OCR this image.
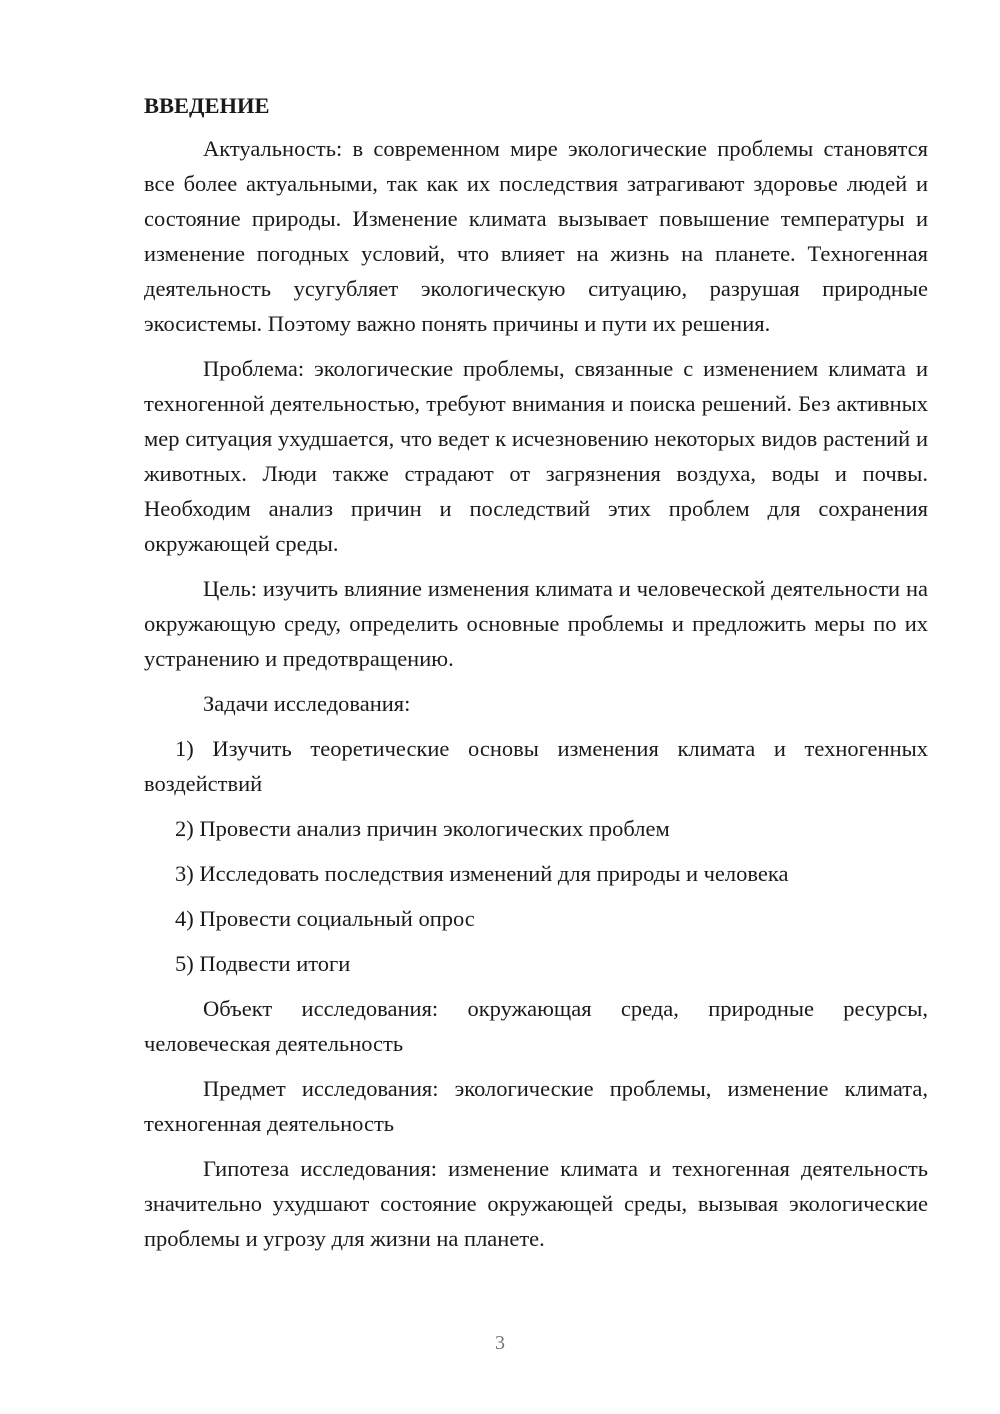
ВВЕДЕНИЕ

Актуальность: в современном мире экологические проблемы становятся все более актуальными, так как их последствия затрагивают здоровье людей и состояние природы. Изменение климата вызывает повышение температуры и изменение погодных условий, что влияет на жизнь на планете. Техногенная деятельность усугубляет экологическую ситуацию, разрушая природные экосистемы. Поэтому важно понять причины и пути их решения.

Проблема: экологические проблемы, связанные с изменением климата и техногенной деятельностью, требуют внимания и поиска решений. Без активных мер ситуация ухудшается, что ведет к исчезновению некоторых видов растений и животных. Люди также страдают от загрязнения воздуха, воды и почвы. Необходим анализ причин и последствий этих проблем для сохранения окружающей среды.

Цель: изучить влияние изменения климата и человеческой деятельности на окружающую среду, определить основные проблемы и предложить меры по их устранению и предотвращению.

Задачи исследования:

1) Изучить теоретические основы изменения климата и техногенных воздействий

2) Провести анализ причин экологических проблем

3) Исследовать последствия изменений для природы и человека

4) Провести социальный опрос

5) Подвести итоги

Объект исследования: окружающая среда, природные ресурсы, человеческая деятельность

Предмет исследования: экологические проблемы, изменение климата, техногенная деятельность

Гипотеза исследования: изменение климата и техногенная деятельность значительно ухудшают состояние окружающей среды, вызывая экологические проблемы и угрозу для жизни на планете.

3
